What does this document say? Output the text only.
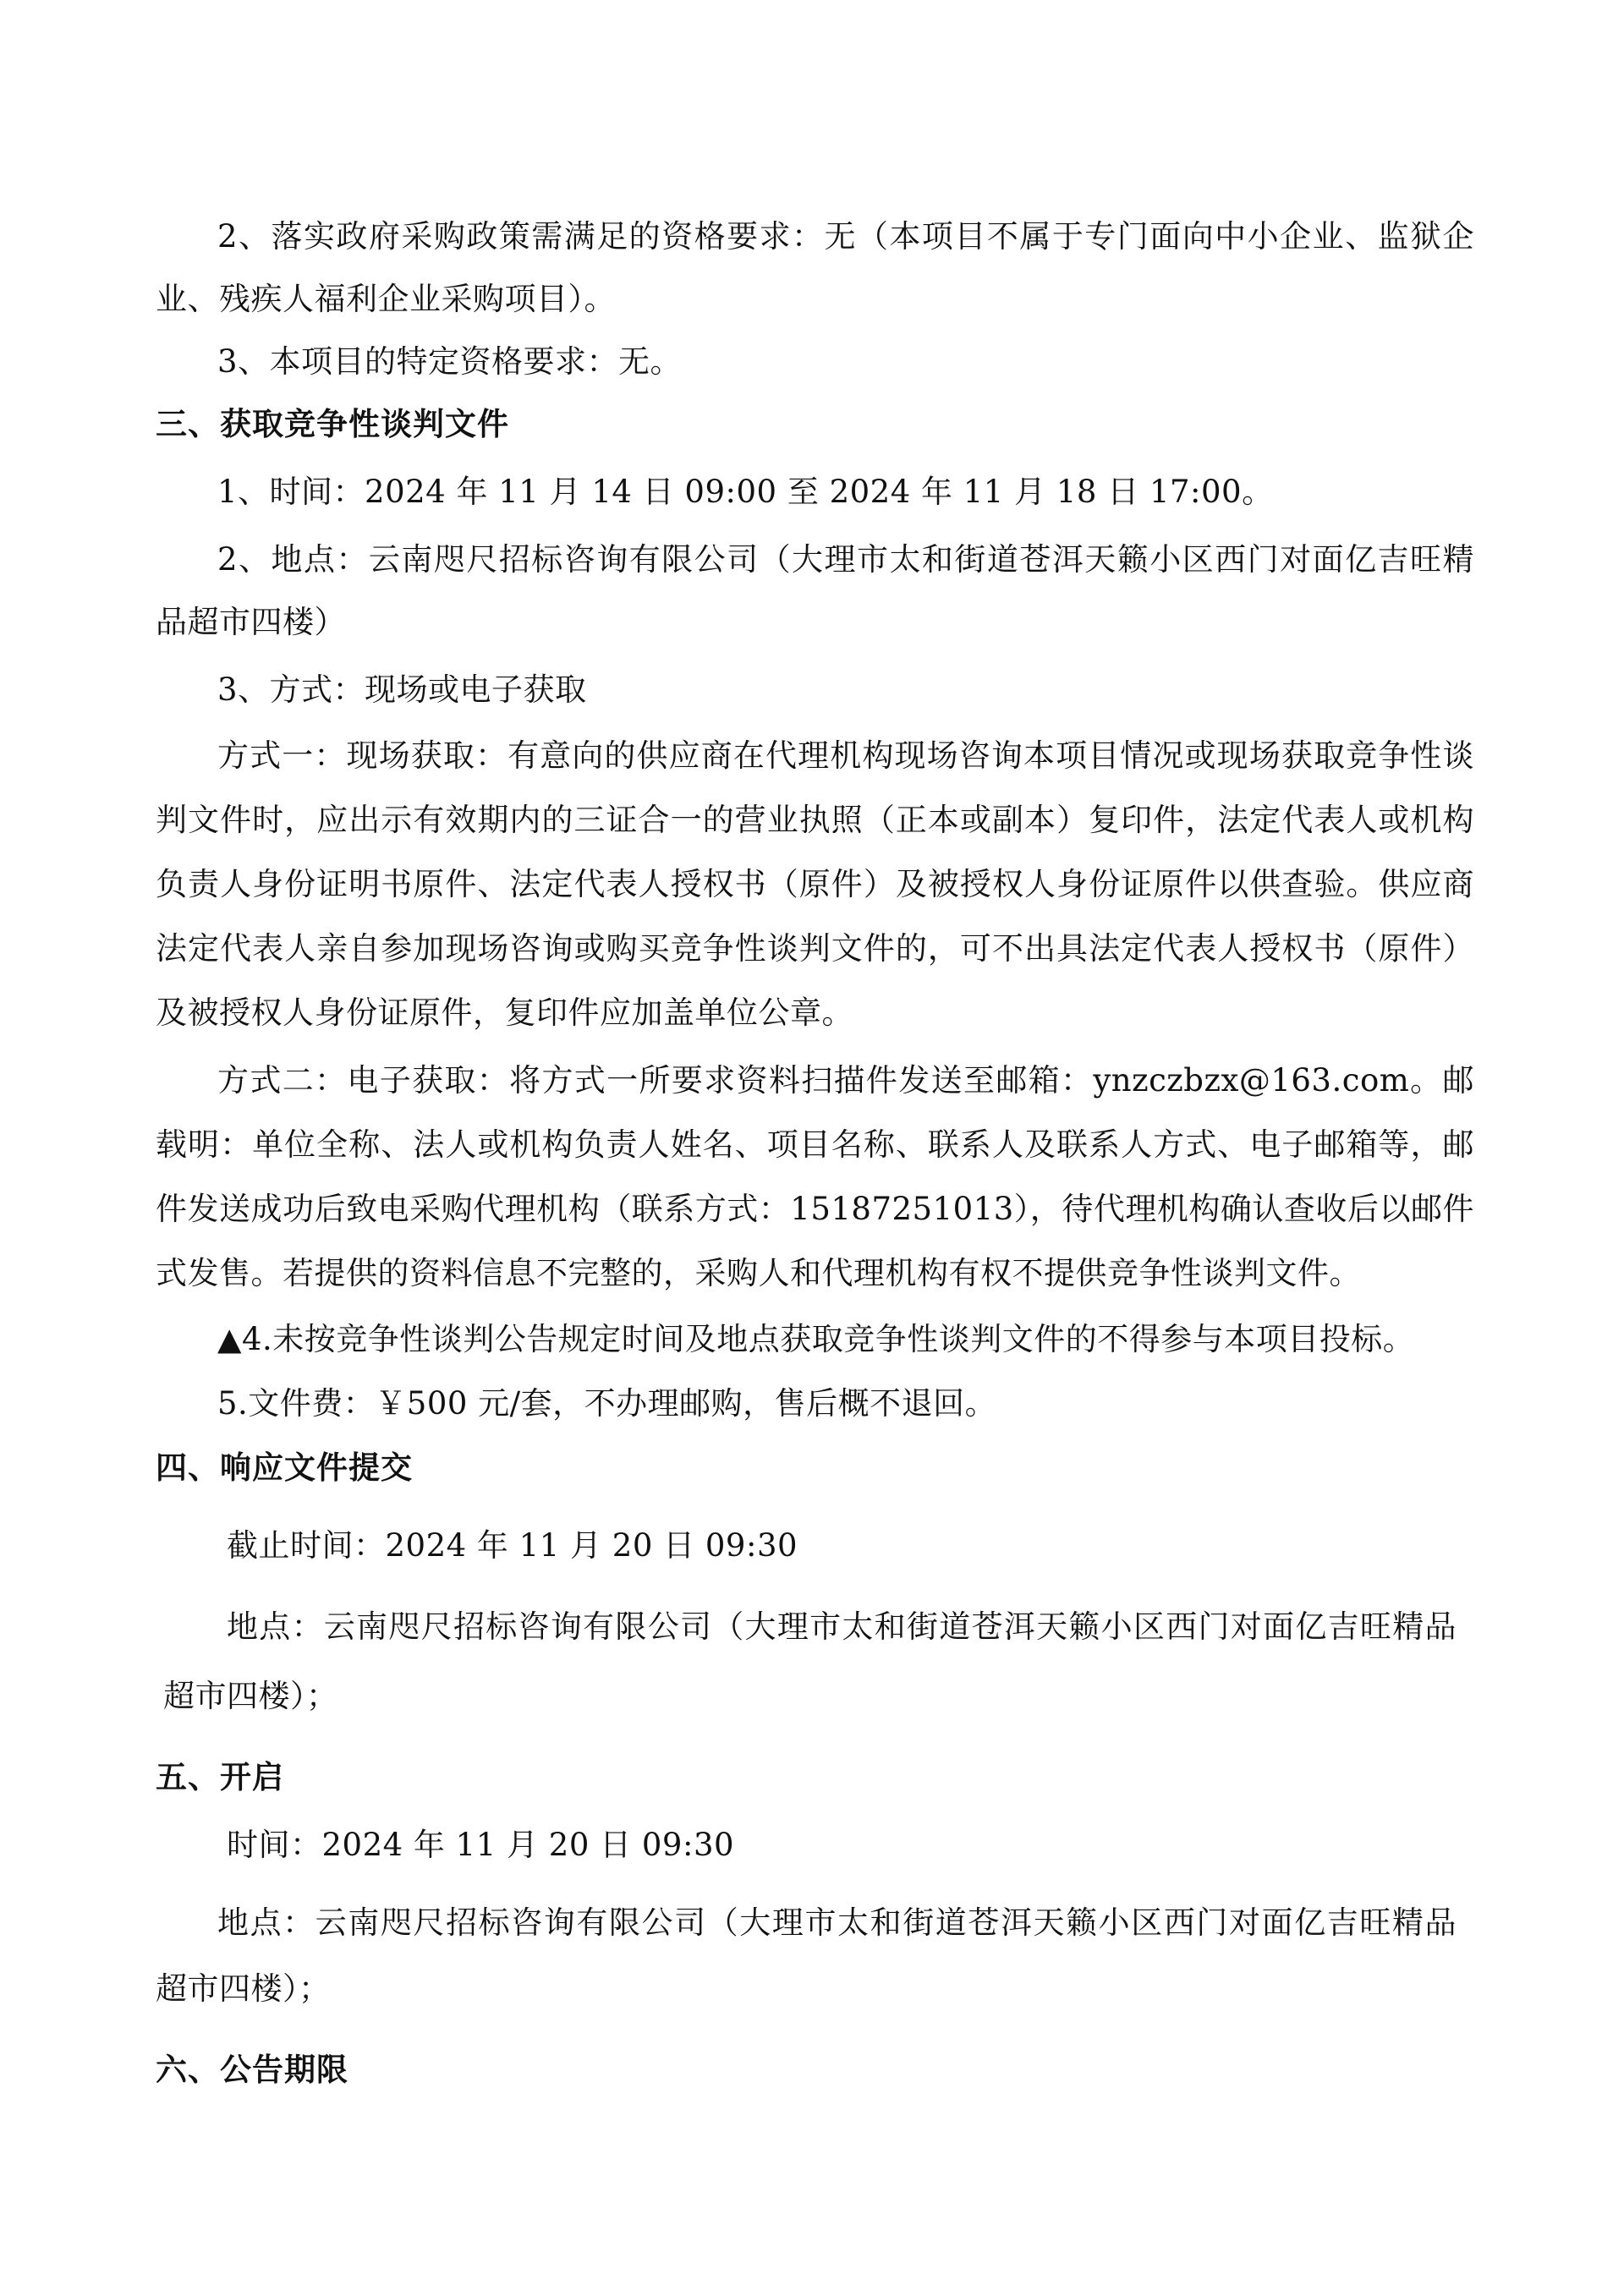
2、落实政府采购政策需满足的资格要求：无（本项目不属于专门面向中小企业、监狱企
业、残疾人福利企业采购项目）。
3、本项目的特定资格要求：无。
三、获取竞争性谈判文件
1、时间：2024 年 11 月 14 日 09:00 至 2024 年 11 月 18 日 17:00。
2、地点：云南咫尺招标咨询有限公司（大理市太和街道苍洱天籁小区西门对面亿吉旺精
品超市四楼）
3、方式：现场或电子获取
方式一：现场获取：有意向的供应商在代理机构现场咨询本项目情况或现场获取竞争性谈
判文件时，应出示有效期内的三证合一的营业执照（正本或副本）复印件，法定代表人或机构
负责人身份证明书原件、法定代表人授权书（原件）及被授权人身份证原件以供查验。供应商
法定代表人亲自参加现场咨询或购买竞争性谈判文件的，可不出具法定代表人授权书（原件）
及被授权人身份证原件，复印件应加盖单位公章。
方式二：电子获取：将方式一所要求资料扫描件发送至邮箱：ynzczbzx@163.com。邮
载明：单位全称、法人或机构负责人姓名、项目名称、联系人及联系人方式、电子邮箱等，邮
件发送成功后致电采购代理机构（联系方式：15187251013），待代理机构确认查收后以邮件
式发售。若提供的资料信息不完整的，采购人和代理机构有权不提供竞争性谈判文件。
▲4.未按竞争性谈判公告规定时间及地点获取竞争性谈判文件的不得参与本项目投标。
5.文件费：￥500 元/套，不办理邮购，售后概不退回。
四、响应文件提交
截止时间：2024 年 11 月 20 日 09:30
地点：云南咫尺招标咨询有限公司（大理市太和街道苍洱天籁小区西门对面亿吉旺精品
超市四楼）；
五、开启
时间：2024 年 11 月 20 日 09:30
地点：云南咫尺招标咨询有限公司（大理市太和街道苍洱天籁小区西门对面亿吉旺精品
超市四楼）；
六、公告期限
